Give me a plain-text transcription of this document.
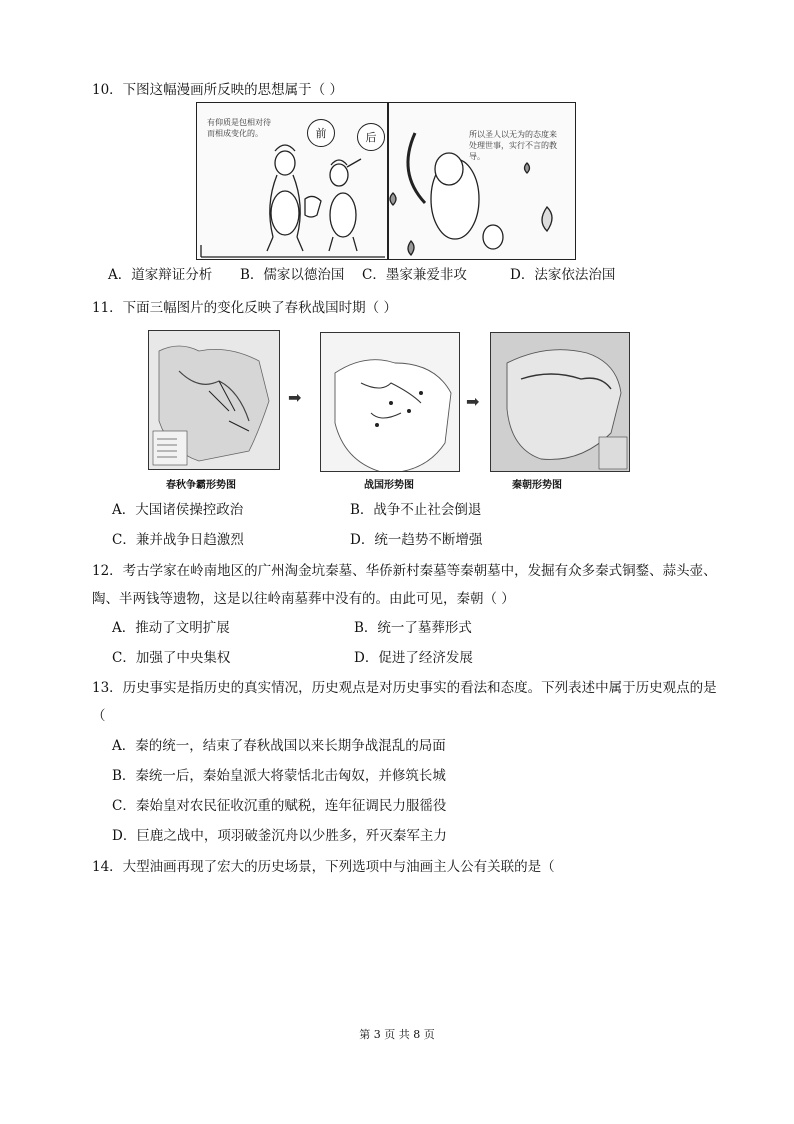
10．下图这幅漫画所反映的思想属于（ ）
有仰质是包相对待而相成变化的。	前	后	所以圣人以无为的态度来处理世事，实行不言的教导。
A．道家辩证分析 B．儒家以德治国 C．墨家兼爱非攻	D．法家依法治国
11．下面三幅图片的变化反映了春秋战国时期（ ）
➡	➡
春秋争霸形势图	战国形势图	秦朝形势图
A．大国诸侯操控政治	B．战争不止社会倒退
C．兼并战争日趋激烈	D．统一趋势不断增强
12．考古学家在岭南地区的广州淘金坑秦墓、华侨新村秦墓等秦朝墓中，发掘有众多秦式铜鍪、蒜头壶、
陶、半两钱等遗物，这是以往岭南墓葬中没有的。由此可见，秦朝（ ）
A．推动了文明扩展	B．统一了墓葬形式
C．加强了中央集权	D．促进了经济发展
13．历史事实是指历史的真实情况，历史观点是对历史事实的看法和态度。下列表述中属于历史观点的是
（
A．秦的统一，结束了春秋战国以来长期争战混乱的局面
B．秦统一后，秦始皇派大将蒙恬北击匈奴，并修筑长城
C．秦始皇对农民征收沉重的赋税，连年征调民力服徭役
D．巨鹿之战中，项羽破釜沉舟以少胜多，歼灭秦军主力
14．大型油画再现了宏大的历史场景，下列选项中与油画主人公有关联的是（
第 3 页 共 8 页
